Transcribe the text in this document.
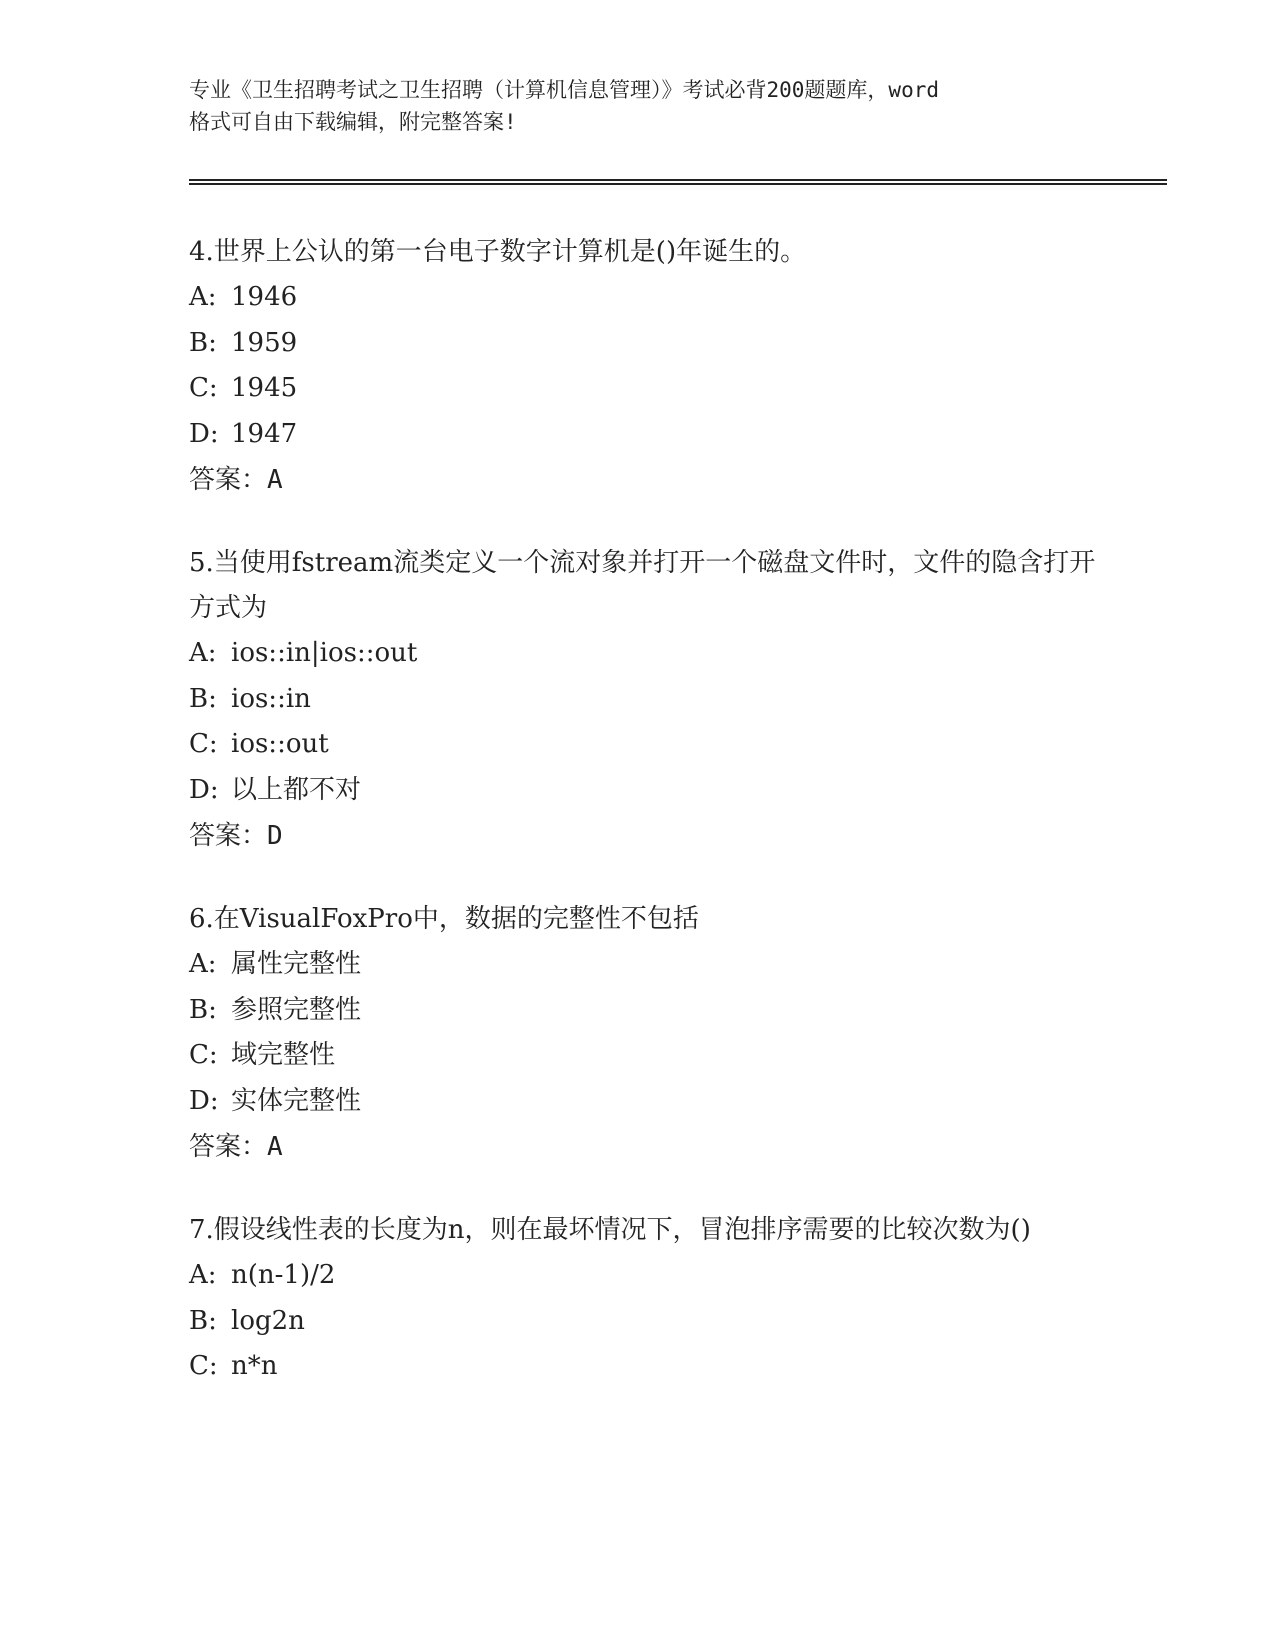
专业《卫生招聘考试之卫生招聘（计算机信息管理）》考试必背200题题库，word
格式可自由下载编辑，附完整答案!

4.世界上公认的第一台电子数字计算机是()年诞生的。

A: 1946

B: 1959

C: 1945

D: 1947

答案：A

5.当使用fstream流类定义一个流对象并打开一个磁盘文件时，文件的隐含打开方式为

A: ios::in|ios::out

B: ios::in

C: ios::out

D: 以上都不对

答案：D

6.在VisualFoxPro中，数据的完整性不包括

A: 属性完整性

B: 参照完整性

C: 域完整性

D: 实体完整性

答案：A

7.假设线性表的长度为n，则在最坏情况下，冒泡排序需要的比较次数为()

A: n(n-1)/2

B: log2n

C: n*n
